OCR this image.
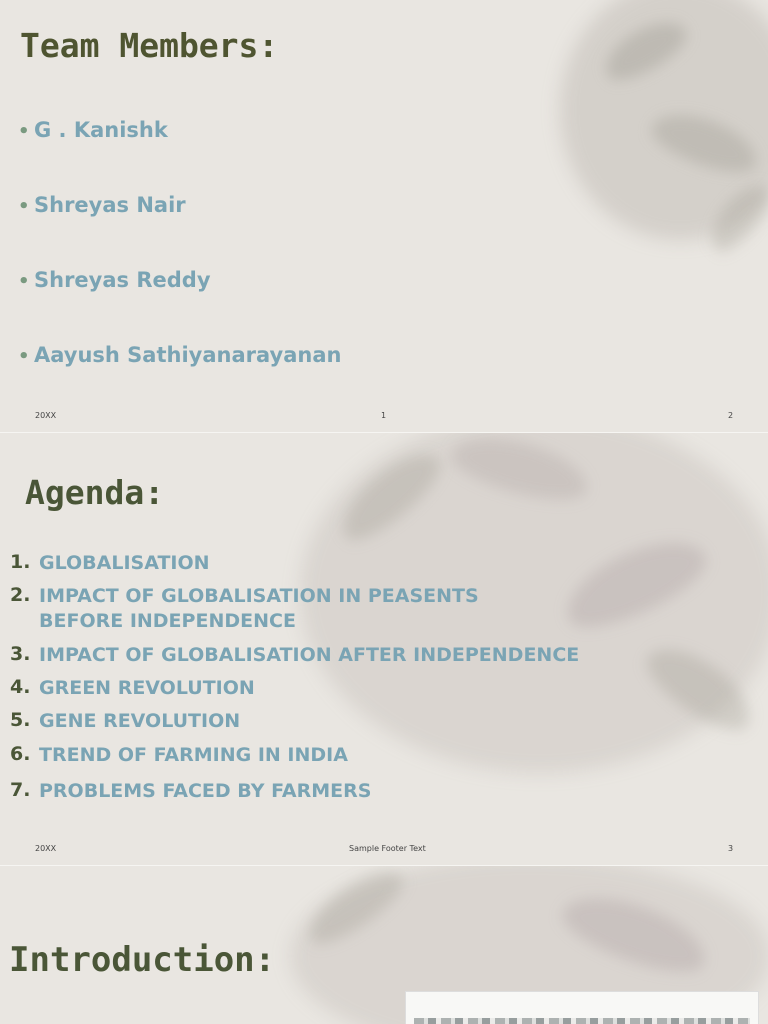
Team Members:
• G . Kanishk
• Shreyas Nair
• Shreyas Reddy
• Aayush Sathiyanarayanan
20XX	1	2
Agenda:
1. GLOBALISATION
2. IMPACT OF GLOBALISATION IN PEASENTS BEFORE INDEPENDENCE
3. IMPACT OF GLOBALISATION AFTER INDEPENDENCE
4. GREEN REVOLUTION
5. GENE REVOLUTION
6. TREND OF FARMING IN INDIA
7. PROBLEMS FACED BY FARMERS
20XX	Sample Footer Text	3
Introduction:
